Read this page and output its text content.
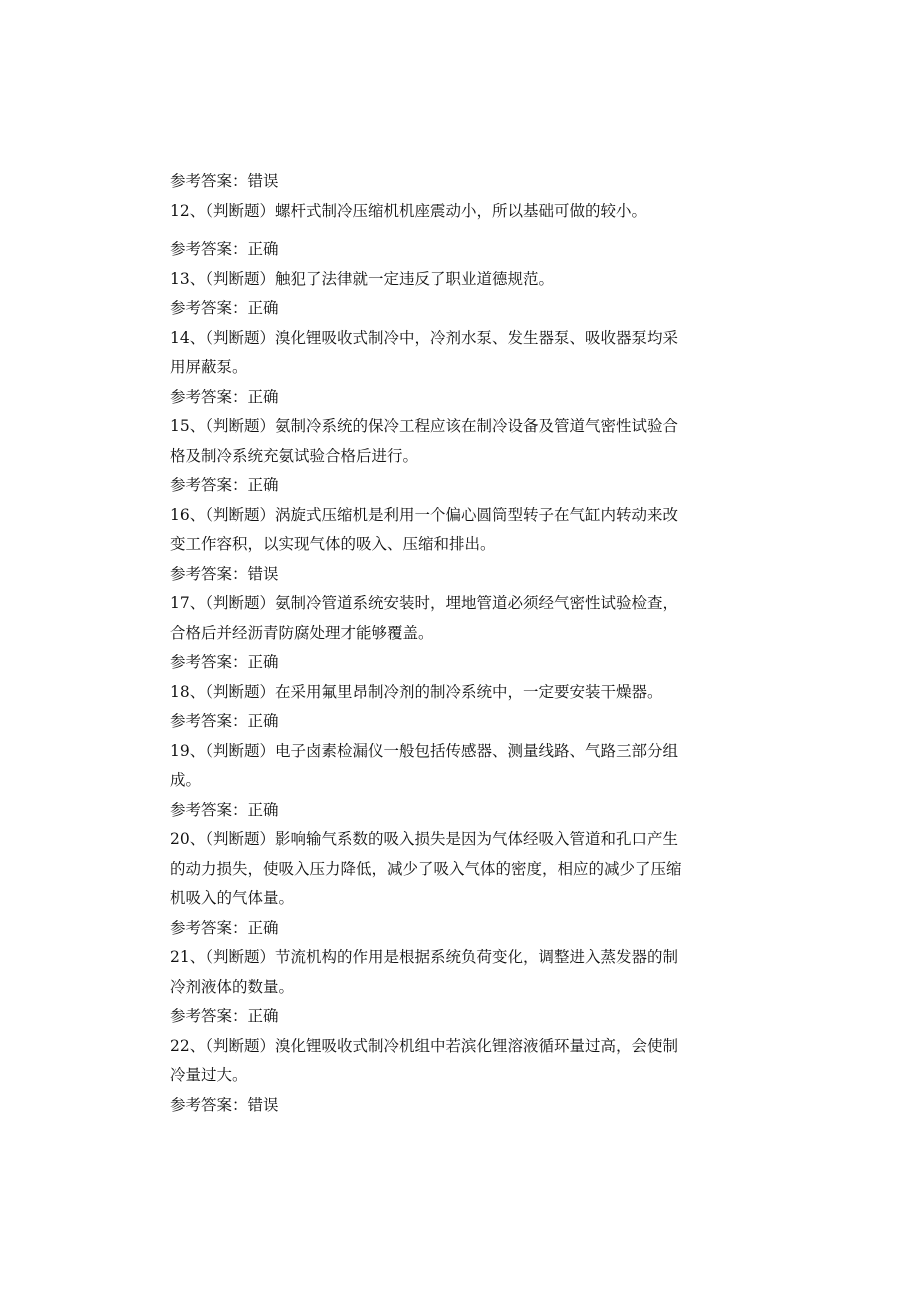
参考答案：错误
12、（判断题）螺杆式制冷压缩机机座震动小，所以基础可做的较小。
参考答案：正确
13、（判断题）触犯了法律就一定违反了职业道德规范。
参考答案：正确
14、（判断题）溴化锂吸收式制冷中，冷剂水泵、发生器泵、吸收器泵均采
用屏蔽泵。
参考答案：正确
15、（判断题）氨制冷系统的保冷工程应该在制冷设备及管道气密性试验合
格及制冷系统充氨试验合格后进行。
参考答案：正确
16、（判断题）涡旋式压缩机是利用一个偏心圆筒型转子在气缸内转动来改
变工作容积，以实现气体的吸入、压缩和排出。
参考答案：错误
17、（判断题）氨制冷管道系统安装时，埋地管道必须经气密性试验检查，
合格后并经沥青防腐处理才能够覆盖。
参考答案：正确
18、（判断题）在采用氟里昂制冷剂的制冷系统中，一定要安装干燥器。
参考答案：正确
19、（判断题）电子卤素检漏仪一般包括传感器、测量线路、气路三部分组
成。
参考答案：正确
20、（判断题）影响输气系数的吸入损失是因为气体经吸入管道和孔口产生
的动力损失，使吸入压力降低，减少了吸入气体的密度，相应的减少了压缩
机吸入的气体量。
参考答案：正确
21、（判断题）节流机构的作用是根据系统负荷变化，调整进入蒸发器的制
冷剂液体的数量。
参考答案：正确
22、（判断题）溴化锂吸收式制冷机组中若滨化锂溶液循环量过高，会使制
冷量过大。
参考答案：错误
